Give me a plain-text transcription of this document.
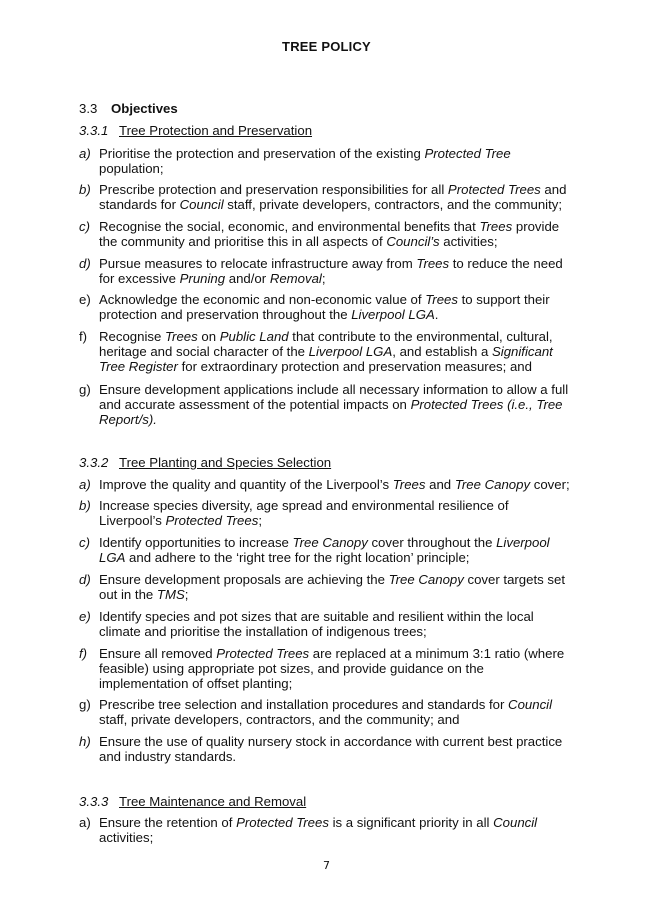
TREE POLICY
3.3 Objectives
3.3.1 Tree Protection and Preservation
a) Prioritise the protection and preservation of the existing Protected Tree
population;
b) Prescribe protection and preservation responsibilities for all Protected Trees and
standards for Council staff, private developers, contractors, and the community;
c) Recognise the social, economic, and environmental benefits that Trees provide
the community and prioritise this in all aspects of Council’s activities;
d) Pursue measures to relocate infrastructure away from Trees to reduce the need
for excessive Pruning and/or Removal;
e) Acknowledge the economic and non-economic value of Trees to support their
protection and preservation throughout the Liverpool LGA.
f) Recognise Trees on Public Land that contribute to the environmental, cultural,
heritage and social character of the Liverpool LGA, and establish a Significant
Tree Register for extraordinary protection and preservation measures; and
g) Ensure development applications include all necessary information to allow a full
and accurate assessment of the potential impacts on Protected Trees (i.e., Tree
Report/s).
3.3.2 Tree Planting and Species Selection
a) Improve the quality and quantity of the Liverpool’s Trees and Tree Canopy cover;
b) Increase species diversity, age spread and environmental resilience of
Liverpool’s Protected Trees;
c) Identify opportunities to increase Tree Canopy cover throughout the Liverpool
LGA and adhere to the ‘right tree for the right location’ principle;
d) Ensure development proposals are achieving the Tree Canopy cover targets set
out in the TMS;
e) Identify species and pot sizes that are suitable and resilient within the local
climate and prioritise the installation of indigenous trees;
f) Ensure all removed Protected Trees are replaced at a minimum 3:1 ratio (where
feasible) using appropriate pot sizes, and provide guidance on the
implementation of offset planting;
g) Prescribe tree selection and installation procedures and standards for Council
staff, private developers, contractors, and the community; and
h) Ensure the use of quality nursery stock in accordance with current best practice
and industry standards.
3.3.3 Tree Maintenance and Removal
a) Ensure the retention of Protected Trees is a significant priority in all Council
activities;
7
